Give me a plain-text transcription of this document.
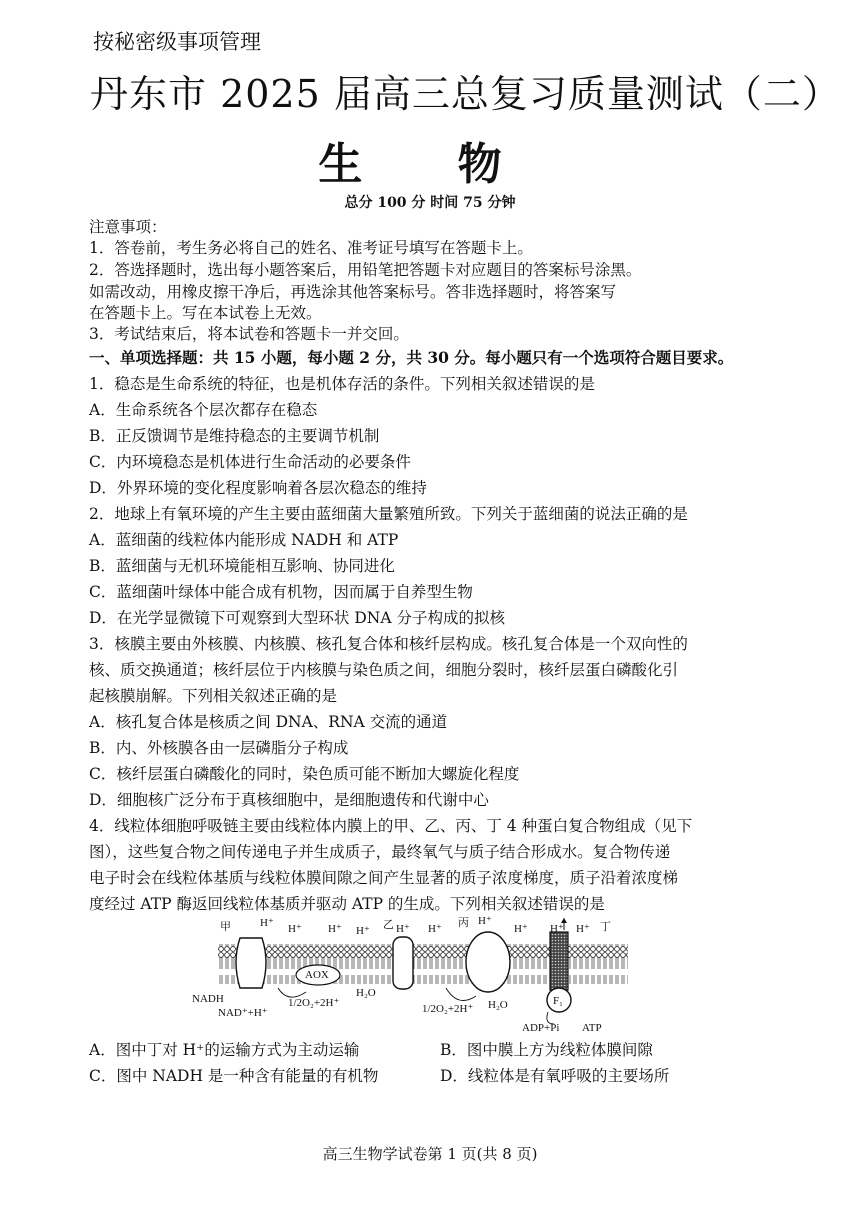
按秘密级事项管理
丹东市 2025 届高三总复习质量测试（二）
生 物
总分 100 分 时间 75 分钟
注意事项：
1．答卷前，考生务必将自己的姓名、准考证号填写在答题卡上。
2．答选择题时，选出每小题答案后，用铅笔把答题卡对应题目的答案标号涂黑。
如需改动，用橡皮擦干净后，再选涂其他答案标号。答非选择题时，将答案写
在答题卡上。写在本试卷上无效。
3．考试结束后，将本试卷和答题卡一并交回。
一、单项选择题：共 15 小题，每小题 2 分，共 30 分。每小题只有一个选项符合题目要求。
1．稳态是生命系统的特征，也是机体存活的条件。下列相关叙述错误的是
A．生命系统各个层次都存在稳态
B．正反馈调节是维持稳态的主要调节机制
C．内环境稳态是机体进行生命活动的必要条件
D．外界环境的变化程度影响着各层次稳态的维持
2．地球上有氧环境的产生主要由蓝细菌大量繁殖所致。下列关于蓝细菌的说法正确的是
A．蓝细菌的线粒体内能形成 NADH 和 ATP
B．蓝细菌与无机环境能相互影响、协同进化
C．蓝细菌叶绿体中能合成有机物，因而属于自养型生物
D．在光学显微镜下可观察到大型环状 DNA 分子构成的拟核
3．核膜主要由外核膜、内核膜、核孔复合体和核纤层构成。核孔复合体是一个双向性的
核、质交换通道；核纤层位于内核膜与染色质之间，细胞分裂时，核纤层蛋白磷酸化引
起核膜崩解。下列相关叙述正确的是
A．核孔复合体是核质之间 DNA、RNA 交流的通道
B．内、外核膜各由一层磷脂分子构成
C．核纤层蛋白磷酸化的同时，染色质可能不断加大螺旋化程度
D．细胞核广泛分布于真核细胞中，是细胞遗传和代谢中心
4．线粒体细胞呼吸链主要由线粒体内膜上的甲、乙、丙、丁 4 种蛋白复合物组成（见下
图），这些复合物之间传递电子并生成质子，最终氧气与质子结合形成水。复合物传递
电子时会在线粒体基质与线粒体膜间隙之间产生显著的质子浓度梯度，质子沿着浓度梯
度经过 ATP 酶返回线粒体基质并驱动 ATP 的生成。下列相关叙述错误的是
甲	H⁺ H⁺ H⁺ H⁺ 乙 H⁺ H⁺ 丙 H⁺
H⁺ H⁺ H⁺ 丁
AOX
NADH
NAD⁺+H⁺
1/2O₂+2H⁺
H₂O
1/2O₂+2H⁺ H₂O	F₁
ADP+Pi ATP
A．图中丁对 H⁺的运输方式为主动运输	B．图中膜上方为线粒体膜间隙
C．图中 NADH 是一种含有能量的有机物	D．线粒体是有氧呼吸的主要场所
高三生物学试卷第 1 页(共 8 页)
